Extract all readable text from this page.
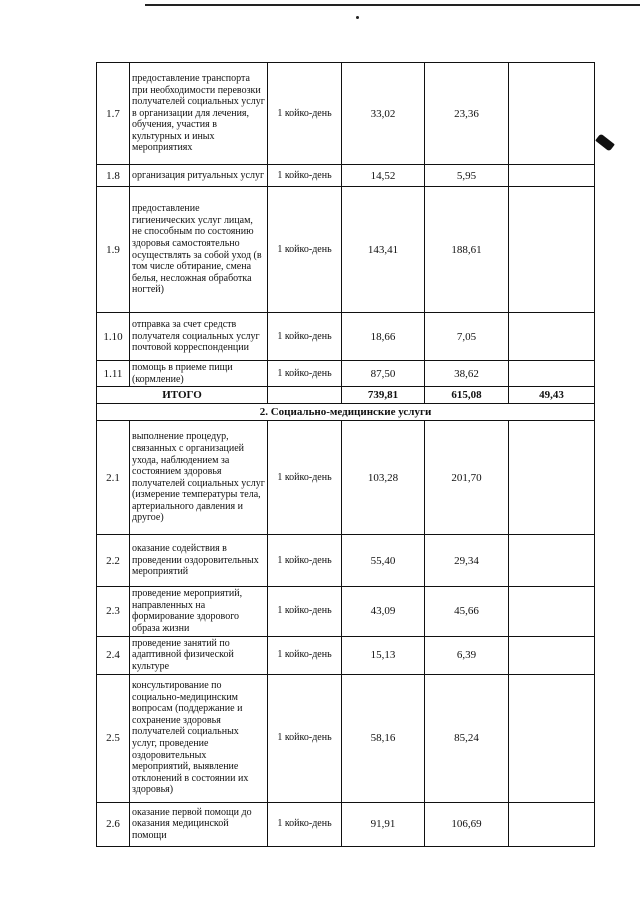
1.7	предоставление транспорта при необходимости перевозки получателей социальных услуг в организации для лечения, обучения, участия в культурных и иных мероприятиях	1 койко-день	33,02	23,36	
1.8	организация ритуальных услуг	1 койко-день	14,52	5,95	
1.9	предоставление гигиенических услуг лицам, не способным по состоянию здоровья самостоятельно осуществлять за собой уход (в том числе обтирание, смена белья, несложная обработка ногтей)	1 койко-день	143,41	188,61	
1.10	отправка за счет средств получателя социальных услуг почтовой корреспонденции	1 койко-день	18,66	7,05	
1.11	помощь в приеме пищи (кормление)	1 койко-день	87,50	38,62	
ИТОГО			739,81	615,08	49,43
2. Социально-медицинские услуги					
2.1	выполнение процедур, связанных с организацией ухода, наблюдением за состоянием здоровья получателей социальных услуг (измерение температуры тела, артериального давления и другое)	1 койко-день	103,28	201,70	
2.2	оказание содействия в проведении оздоровительных мероприятий	1 койко-день	55,40	29,34	
2.3	проведение мероприятий, направленных на формирование здорового образа жизни	1 койко-день	43,09	45,66	
2.4	проведение занятий по адаптивной физической культуре	1 койко-день	15,13	6,39	
2.5	консультирование по социально-медицинским вопросам (поддержание и сохранение здоровья получателей социальных услуг, проведение оздоровительных мероприятий, выявление отклонений в состоянии их здоровья)	1 койко-день	58,16	85,24	
2.6	оказание первой помощи до оказания медицинской помощи	1 койко-день	91,91	106,69	
